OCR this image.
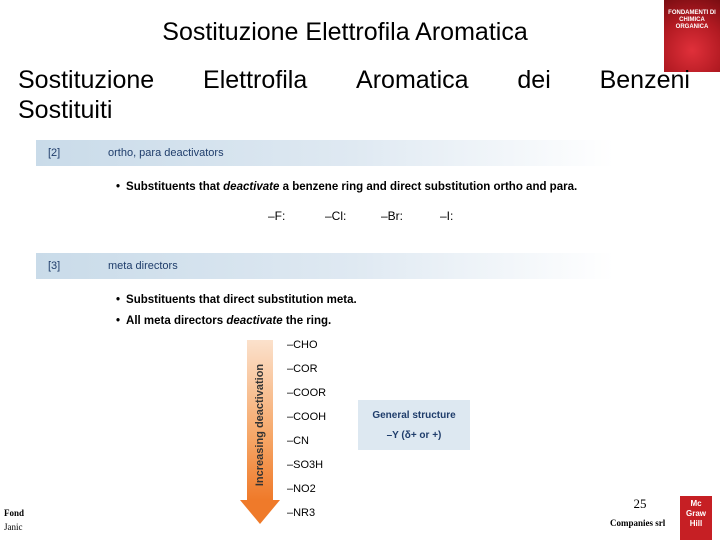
Sostituzione Elettrofila Aromatica
FONDAMENTI DI CHIMICA ORGANICA
Sostituzione Elettrofila Aromatica dei Benzeni
Sostituiti
[2]	ortho, para deactivators
• Substituents that deactivate a benzene ring and direct substitution ortho and para.
–F:	–Cl:	–Br:	–I:
[3]	meta directors
• Substituents that direct substitution meta.
• All meta directors deactivate the ring.
Increasing deactivation
–CHO
–COR
–COOR
–COOH
–CN
–SO3H
–NO2
–NR3
General structure
–Y (δ+ or +)
25
Fond
Janic	Companies srl
Mc Graw Hill
